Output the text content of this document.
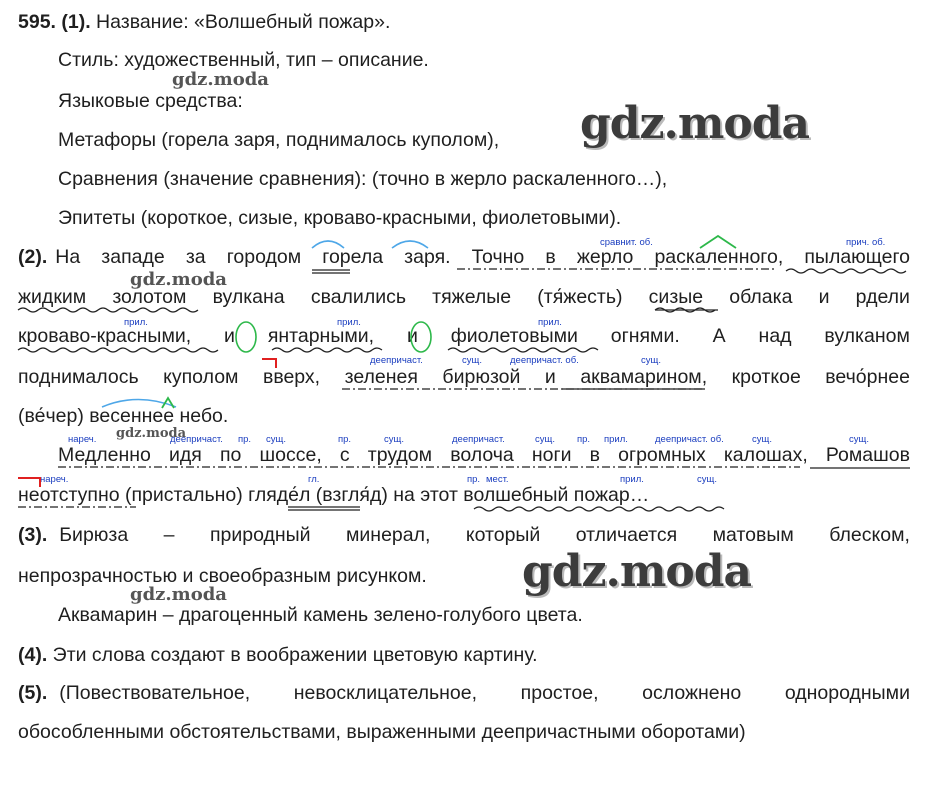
595. (1). Название: «Волшебный пожар».
Стиль: художественный, тип – описание.
Языковые средства:
Метафоры (горела заря, поднималось куполом),
Сравнения (значение сравнения): (точно в жерло раскаленного…),
Эпитеты (короткое, сизые, кроваво-красными, фиолетовыми).
(2). На западе за городом горела заря. Точно в жерло раскаленного, пылающего
жидким золотом вулкана свалились тяжелые (тя́жесть) сизые облака и рдели
кроваво-красными, и янтарными, и фиолетовыми огнями. А над вулканом
поднималось куполом вверх, зеленея бирюзой и аквамарином, кроткое вечо́рнее
(ве́чер) весеннее небо.
Медленно идя по шоссе, с трудом волоча ноги в огромных калошах, Ромашов
неотступно (пристально) гляде́л (взгля́д) на этот волшебный пожар…
(3). Бирюза – природный минерал, который отличается матовым блеском,
непрозрачностью и своеобразным рисунком.
Аквамарин – драгоценный камень зелено-голубого цвета.
(4). Эти слова создают в воображении цветовую картину.
(5). (Повествовательное, невосклицательное, простое, осложнено однородными
обособленными обстоятельствами, выраженными деепричастными оборотами)
сравнит. об.	прич. об.
прил.	прил.	прил.
деепричаст.	сущ.	деепричаст. об.	сущ.
нареч.	деепричаст. пр. сущ.	пр.	сущ.	деепричаст.	сущ. пр. прил.	деепричаст. об.	сущ.	сущ.
нареч.	гл.	пр. мест.	прил.	сущ.
gdz.moda
gdz.moda
gdz.moda
gdz.moda
gdz.moda
gdz.moda
